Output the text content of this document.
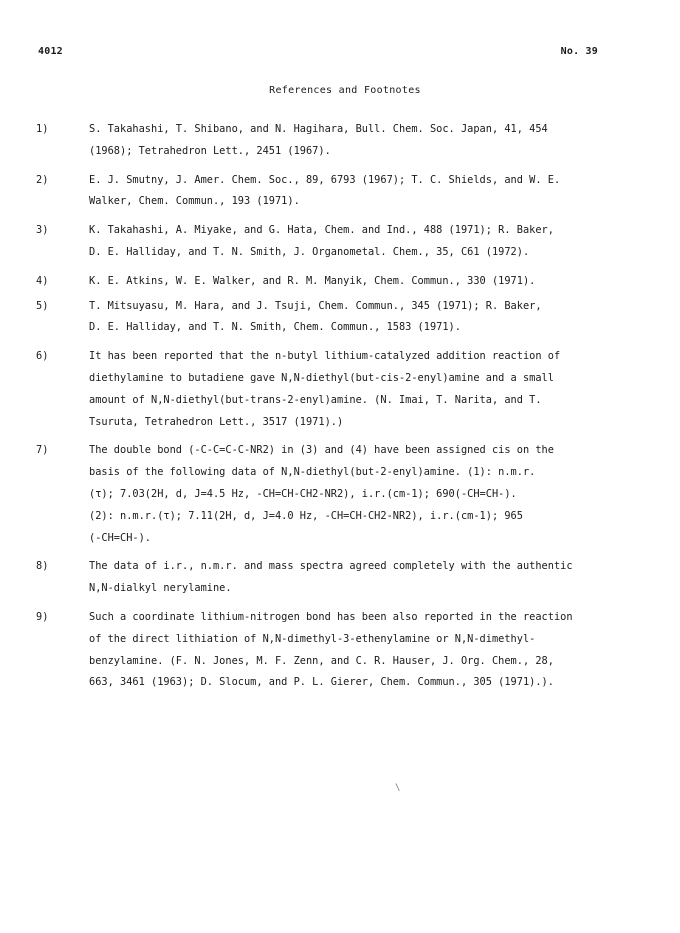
4012	No. 39
References and Footnotes
1)	S. Takahashi, T. Shibano, and N. Hagihara, Bull. Chem. Soc. Japan, 41, 454
(1968); Tetrahedron Lett., 2451 (1967).
2)	E. J. Smutny, J. Amer. Chem. Soc., 89, 6793 (1967); T. C. Shields, and W. E.
Walker, Chem. Commun., 193 (1971).
3)	K. Takahashi, A. Miyake, and G. Hata, Chem. and Ind., 488 (1971); R. Baker,
D. E. Halliday, and T. N. Smith, J. Organometal. Chem., 35, C61 (1972).
4)	K. E. Atkins, W. E. Walker, and R. M. Manyik, Chem. Commun., 330 (1971).
5)	T. Mitsuyasu, M. Hara, and J. Tsuji, Chem. Commun., 345 (1971); R. Baker,
D. E. Halliday, and T. N. Smith, Chem. Commun., 1583 (1971).
6)	It has been reported that the n-butyl lithium-catalyzed addition reaction of
diethylamine to butadiene gave N,N-diethyl(but-cis-2-enyl)amine and a small
amount of N,N-diethyl(but-trans-2-enyl)amine. (N. Imai, T. Narita, and T.
Tsuruta, Tetrahedron Lett., 3517 (1971).)
7)	The double bond (-C-C=C-C-NR2) in (3) and (4) have been assigned cis on the
basis of the following data of N,N-diethyl(but-2-enyl)amine. (1): n.m.r.
(τ); 7.03(2H, d, J=4.5 Hz, -CH=CH-CH2-NR2), i.r.(cm-1); 690(-CH=CH-).
(2): n.m.r.(τ); 7.11(2H, d, J=4.0 Hz, -CH=CH-CH2-NR2), i.r.(cm-1); 965
(-CH=CH-).
8)	The data of i.r., n.m.r. and mass spectra agreed completely with the authentic
N,N-dialkyl nerylamine.
9)	Such a coordinate lithium-nitrogen bond has been also reported in the reaction
of the direct lithiation of N,N-dimethyl-3-ethenylamine or N,N-dimethyl-
benzylamine. (F. N. Jones, M. F. Zenn, and C. R. Hauser, J. Org. Chem., 28,
663, 3461 (1963); D. Slocum, and P. L. Gierer, Chem. Commun., 305 (1971).).
\
